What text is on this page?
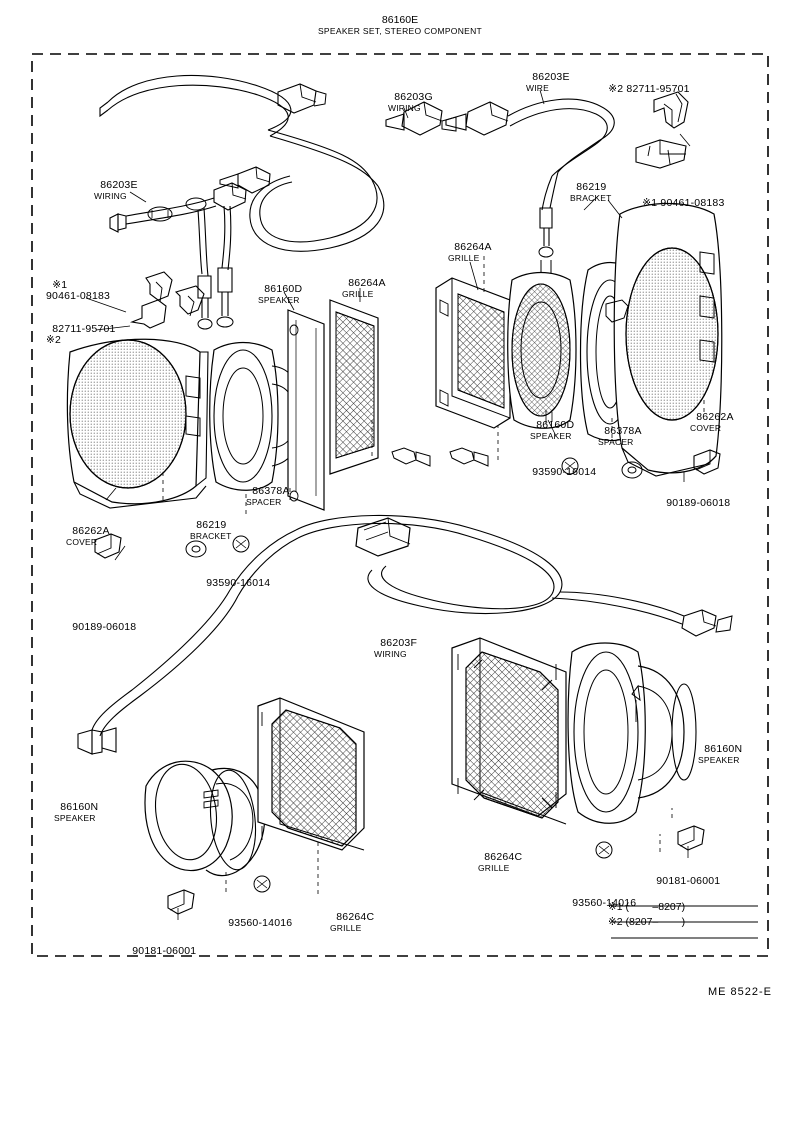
86160E
SPEAKER SET, STEREO COMPONENT

86203E
WIRING

86203G
WIRING

86203E
WIRE	※2 82711-95701

86219
BRACKET	※1 90461-08183

※1
90461-08183

82711-95701
※2

86160D
SPEAKER

86264A
GRILLE

86264A
GRILLE

86160D
SPEAKER	86378A
SPACER

86262A
COVER

86378A
SPACER

86219
BRACKET

86262A
COVER

93590-16014

90189-06018

93590-16014

90189-06018

86203F
WIRING

86160N
SPEAKER

86160N
SPEAKER

86264C
GRILLE

86264C
GRILLE

93560-14016

90181-06001

93560-14016

90181-06001

※1 (        –8207)
※2 (8207–        )
ME 8522-E
